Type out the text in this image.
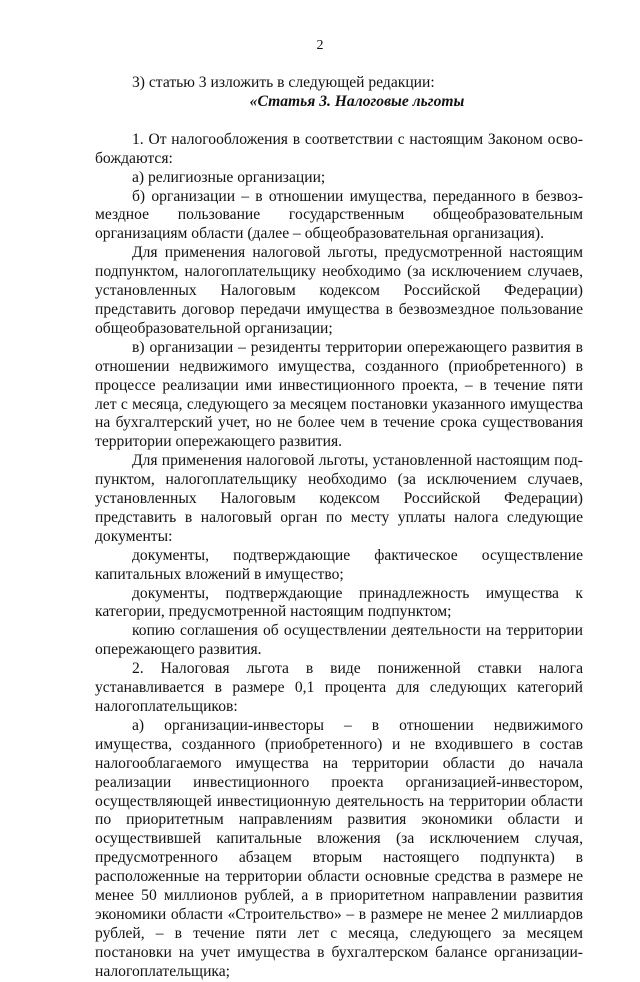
2

3) статью 3 изложить в следующей редакции:

«Статья 3. Налоговые льготы

1. От налогообложения в соответствии с настоящим Законом освобождаются:

а) религиозные организации;

б) организации – в отношении имущества, переданного в безвозмездное пользование государственным общеобразовательным организациям области (далее – общеобразовательная организация).

Для применения налоговой льготы, предусмотренной настоящим подпунктом, налогоплательщику необходимо (за исключением случаев, установленных Налоговым кодексом Российской Федерации) представить договор передачи имущества в безвозмездное пользование общеобразовательной организации;

в) организации – резиденты территории опережающего развития в отношении недвижимого имущества, созданного (приобретенного) в процессе реализации ими инвестиционного проекта, – в течение пяти лет с месяца, следующего за месяцем постановки указанного имущества на бухгалтерский учет, но не более чем в течение срока существования территории опережающего развития.

Для применения налоговой льготы, установленной настоящим подпунктом, налогоплательщику необходимо (за исключением случаев, установленных Налоговым кодексом Российской Федерации) представить в налоговый орган по месту уплаты налога следующие документы:

документы, подтверждающие фактическое осуществление капитальных вложений в имущество;

документы, подтверждающие принадлежность имущества к категории, предусмотренной настоящим подпунктом;

копию соглашения об осуществлении деятельности на территории опережающего развития.

2. Налоговая льгота в виде пониженной ставки налога устанавливается в размере 0,1 процента для следующих категорий налогоплательщиков:

а) организации-инвесторы – в отношении недвижимого имущества, созданного (приобретенного) и не входившего в состав налогооблагаемого имущества на территории области до начала реализации инвестиционного проекта организацией-инвестором, осуществляющей инвестиционную деятельность на территории области по приоритетным направлениям развития экономики области и осуществившей капитальные вложения (за исключением случая, предусмотренного абзацем вторым настоящего подпункта) в расположенные на территории области основные средства в размере не менее 50 миллионов рублей, а в приоритетном направлении развития экономики области «Строительство» – в размере не менее 2 миллиардов рублей, – в течение пяти лет с месяца, следующего за месяцем постановки на учет имущества в бухгалтерском балансе организации-налогоплательщика;
